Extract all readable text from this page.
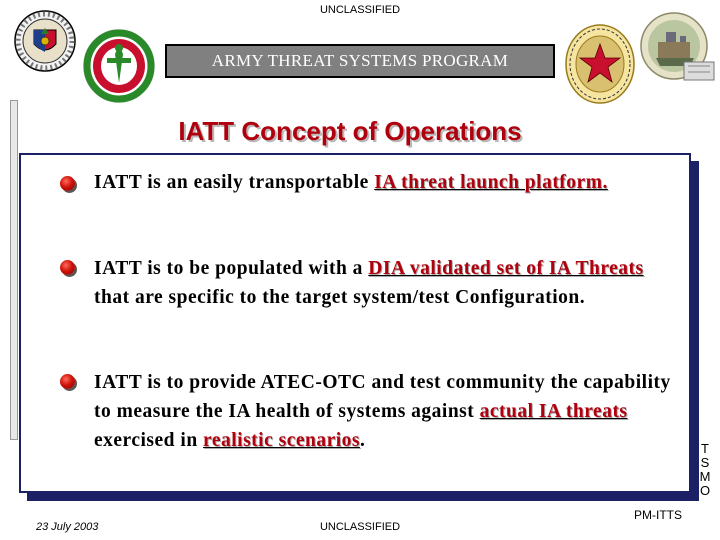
UNCLASSIFIED
ARMY THREAT SYSTEMS PROGRAM
IATT Concept of Operations
IATT is an easily transportable IA threat launch platform.
IATT is to be populated with a DIA validated set of IA Threats that are specific to the target system/test Configuration.
IATT is to provide ATEC-OTC and test community the capability to measure the IA health of systems against actual IA threats exercised in realistic scenarios.	T
S
M
O
23 July 2003	UNCLASSIFIED
PM-ITTS
